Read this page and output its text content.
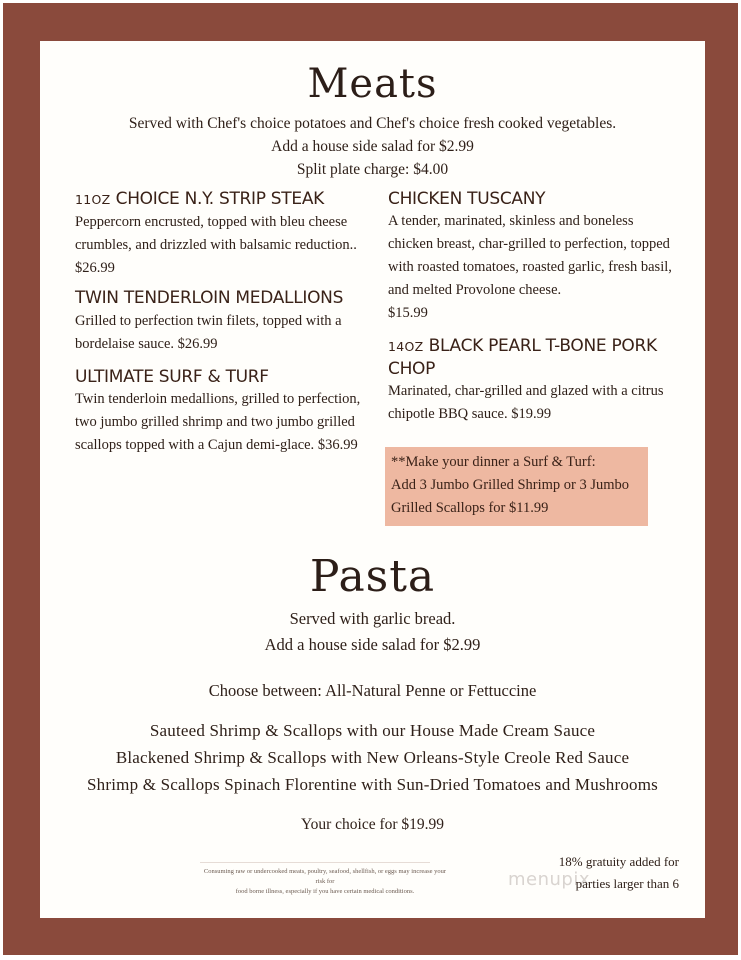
Meats
Served with Chef's choice potatoes and Chef's choice fresh cooked vegetables.
Add a house side salad for $2.99
Split plate charge: $4.00
11OZ CHOICE N.Y. STRIP STEAK
Peppercorn encrusted, topped with bleu cheese crumbles, and drizzled with balsamic reduction..
$26.99
TWIN TENDERLOIN MEDALLIONS
Grilled to perfection twin filets, topped with a bordelaise sauce. $26.99
ULTIMATE SURF & TURF
Twin tenderloin medallions, grilled to perfection, two jumbo grilled shrimp and two jumbo grilled scallops topped with a Cajun demi-glace. $36.99
CHICKEN TUSCANY
A tender, marinated, skinless and boneless chicken breast, char-grilled to perfection, topped with roasted tomatoes, roasted garlic, fresh basil, and melted Provolone cheese.
$15.99
14OZ BLACK PEARL T-BONE PORK CHOP
Marinated, char-grilled and glazed with a citrus chipotle BBQ sauce. $19.99
**Make your dinner a Surf & Turf:
Add 3 Jumbo Grilled Shrimp or 3 Jumbo
Grilled Scallops for $11.99
Pasta
Served with garlic bread.
Add a house side salad for $2.99
Choose between: All-Natural Penne or Fettuccine
Sauteed Shrimp & Scallops with our House Made Cream Sauce
Blackened Shrimp & Scallops with New Orleans-Style Creole Red Sauce
Shrimp & Scallops Spinach Florentine with Sun-Dried Tomatoes and Mushrooms
Your choice for $19.99
Consuming raw or undercooked meats, poultry, seafood, shellfish, or eggs may increase your risk for
food borne illness, especially if you have certain medical conditions.
menupix
18% gratuity added for
parties larger than 6
